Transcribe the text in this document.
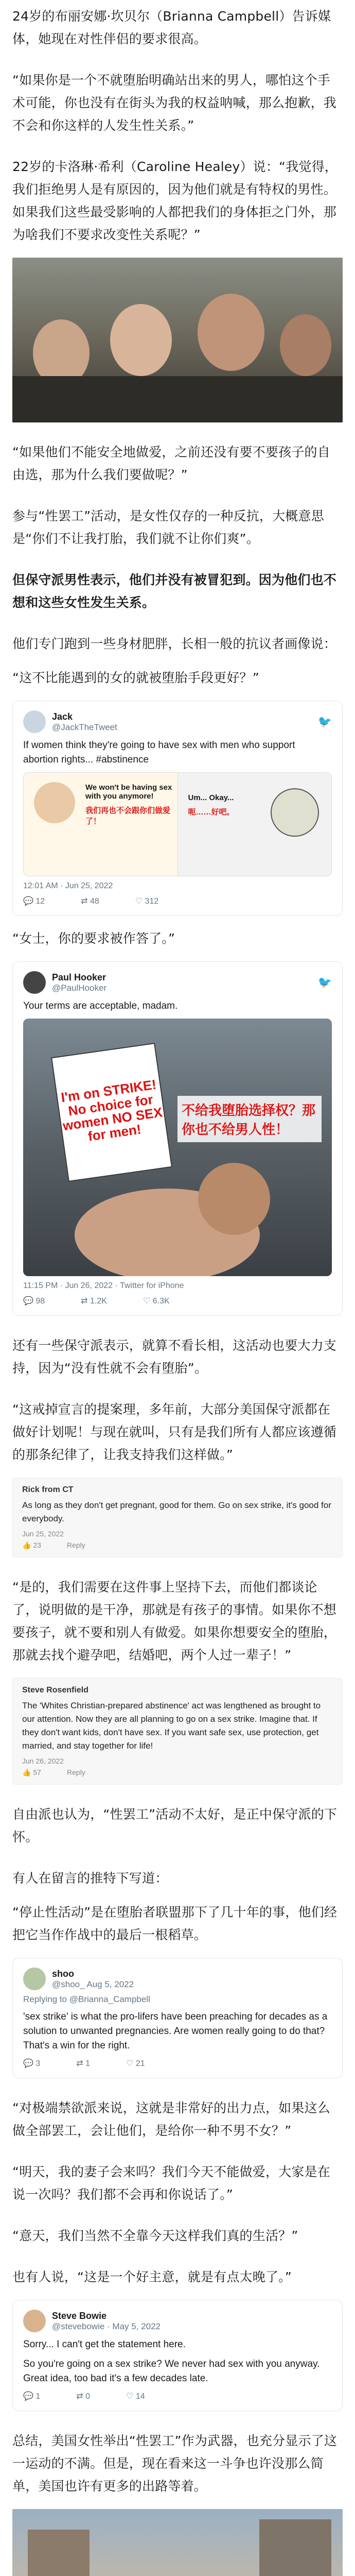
24岁的布丽安娜·坎贝尔（Brianna Campbell）告诉媒体，她现在对性伴侣的要求很高。

“如果你是一个不就堕胎明确站出来的男人，哪怕这个手术可能，你也没有在街头为我的权益呐喊，那么抱歉，我不会和你这样的人发生性关系。”

22岁的卡洛琳·希利（Caroline Healey）说：“我觉得，我们拒绝男人是有原因的，因为他们就是有特权的男性。如果我们这些最受影响的人都把我们的身体拒之门外，那为啥我们不要求改变性关系呢？”

“如果他们不能安全地做爱，之前还没有要不要孩子的自由选，那为什么我们要做呢？”

参与“性罢工”活动，是女性仅存的一种反抗，大概意思是“你们不让我打胎，我们就不让你们爽”。

但保守派男性表示，他们并没有被冒犯到。因为他们也不想和这些女性发生关系。

他们专门跑到一些身材肥胖，长相一般的抗议者画像说：

“这不比能遇到的女的就被堕胎手段更好？”

Jack
@JackTheTweet	🐦
If women think they're going to have sex with men who support abortion rights... #abstinence
We won't be having sex with you anymore!
我们再也不会跟你们做爱了！
Um... Okay...
呃……好吧。
12:01 AM · Jun 25, 2022
💬 12	⇄ 48	♡ 312

“女士，你的要求被作答了。”

Paul Hooker
@PaulHooker	🐦
Your terms are acceptable, madam.
I'm on STRIKE! No choice for women NO SEX for men!
不给我堕胎选择权？那你也不给男人性！
11:15 PM · Jun 26, 2022 · Twitter for iPhone
💬 98	⇄ 1.2K	♡ 6.3K

还有一些保守派表示，就算不看长相，这活动也要大力支持，因为“没有性就不会有堕胎”。

“这戒掉宣言的提案理，多年前，大部分美国保守派都在做好计划呢！与现在就叫，只有是我们所有人都应该遵循的那条纪律了，让我支持我们这样做。”

Rick from CT
As long as they don't get pregnant, good for them. Go on sex strike, it's good for everybody.
Jun 25, 2022
👍 23	Reply

“是的，我们需要在这件事上坚持下去，而他们都谈论了，说明做的是干净，那就是有孩子的事情。如果你不想要孩子，就不要和别人有做爱。如果你想要安全的堕胎，那就去找个避孕吧，结婚吧，两个人过一辈子！”

Steve Rosenfield
The 'Whites Christian-prepared abstinence' act was lengthened as brought to our attention. Now they are all planning to go on a sex strike. Imagine that. If they don't want kids, don't have sex. If you want safe sex, use protection, get married, and stay together for life!
Jun 26, 2022
👍 57	Reply

自由派也认为，“性罢工”活动不太好，是正中保守派的下怀。

有人在留言的推特下写道：

“停止性活动”是在堕胎者联盟那下了几十年的事，他们经把它当作作战中的最后一根稻草。

shoo
@shoo_ Aug 5, 2022
Replying to @Brianna_Campbell
'sex strike' is what the pro-lifers have been preaching for decades as a solution to unwanted pregnancies. Are women really going to do that? That's a win for the right.
💬 3	⇄ 1	♡ 21

“对极端禁欲派来说，这就是非常好的出力点，如果这么做全部罢工，会让他们，是给你一种不男不女？”

“明天，我的妻子会来吗？我们今天不能做爱，大家是在说一次吗？我们都不会再和你说话了。”

“意天，我们当然不全靠今天这样我们真的生活？”

也有人说，“这是一个好主意，就是有点太晚了。”

Steve Bowie
@stevebowie · May 5, 2022
Sorry... I can't get the statement here.
So you're going on a sex strike? We never had sex with you anyway. Great idea, too bad it's a few decades late.
💬 1	⇄ 0	♡ 14

总结，美国女性举出“性罢工”作为武器，也充分显示了这一运动的不满。但是，现在看来这一斗争也许没那么简单，美国也许有更多的出路等着。
